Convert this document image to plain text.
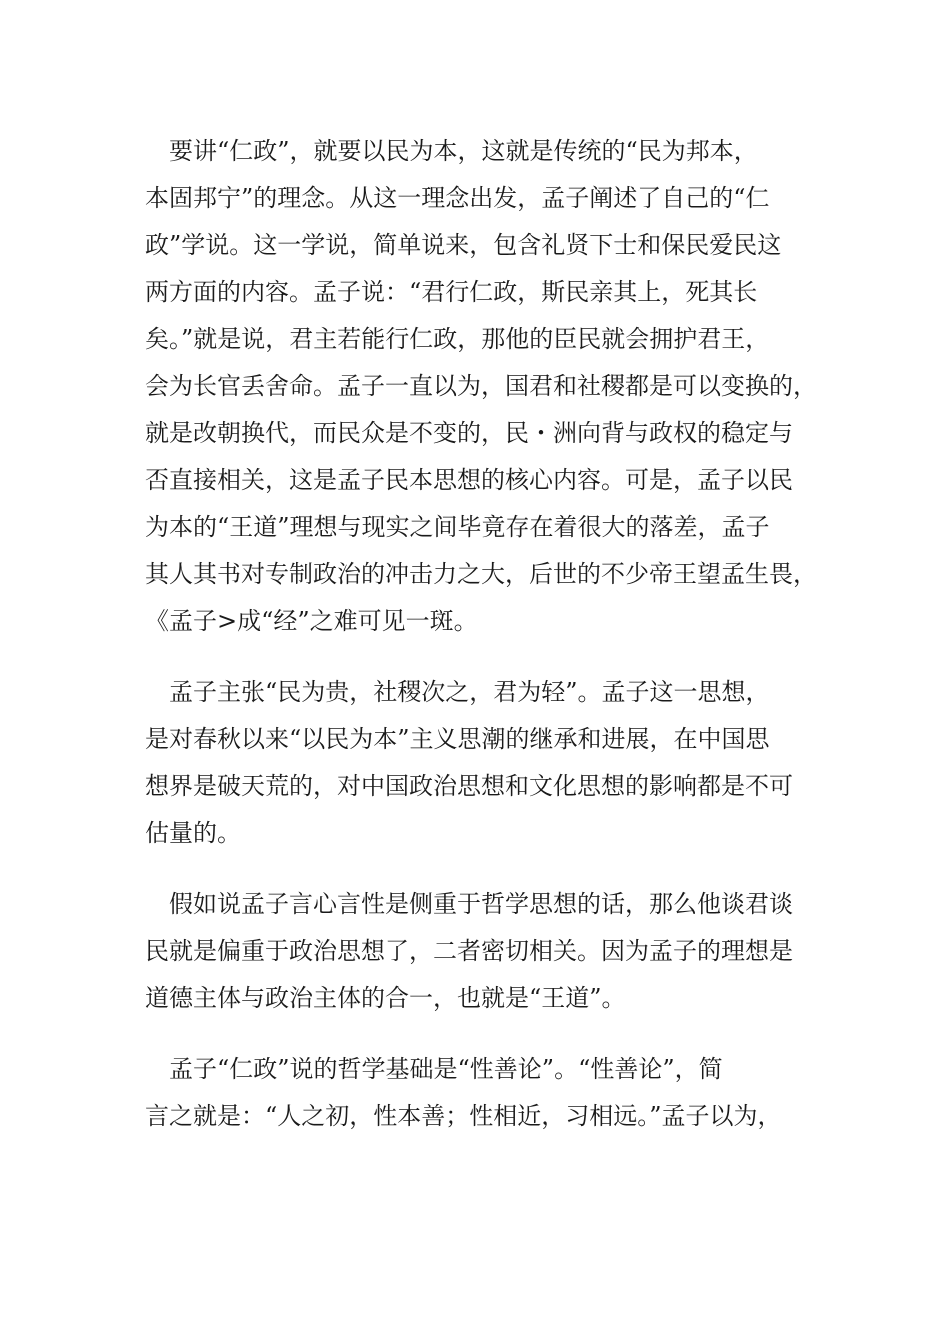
　要讲“仁政”，就要以民为本，这就是传统的“民为邦本，
本固邦宁”的理念。从这一理念出发，孟子阐述了自己的“仁
政”学说。这一学说，简单说来，包含礼贤下士和保民爱民这
两方面的内容。孟子说：“君行仁政，斯民亲其上，死其长
矣。”就是说，君主若能行仁政，那他的臣民就会拥护君王，
会为长官丢舍命。孟子一直以为，国君和社稷都是可以变换的，
就是改朝换代，而民众是不变的，民・洲向背与政权的稳定与
否直接相关，这是孟子民本思想的核心内容。可是，孟子以民
为本的“王道”理想与现实之间毕竟存在着很大的落差，孟子
其人其书对专制政治的冲击力之大，后世的不少帝王望孟生畏，
《孟子>成“经”之难可见一斑。
　孟子主张“民为贵，社稷次之，君为轻”。孟子这一思想，
是对春秋以来“以民为本”主义思潮的继承和进展，在中国思
想界是破天荒的，对中国政治思想和文化思想的影响都是不可
估量的。
　假如说孟子言心言性是侧重于哲学思想的话，那么他谈君谈
民就是偏重于政治思想了，二者密切相关。因为孟子的理想是
道德主体与政治主体的合一，也就是“王道”。
　孟子“仁政”说的哲学基础是“性善论”。“性善论”，简
言之就是：“人之初，性本善；性相近，习相远。”孟子以为，
